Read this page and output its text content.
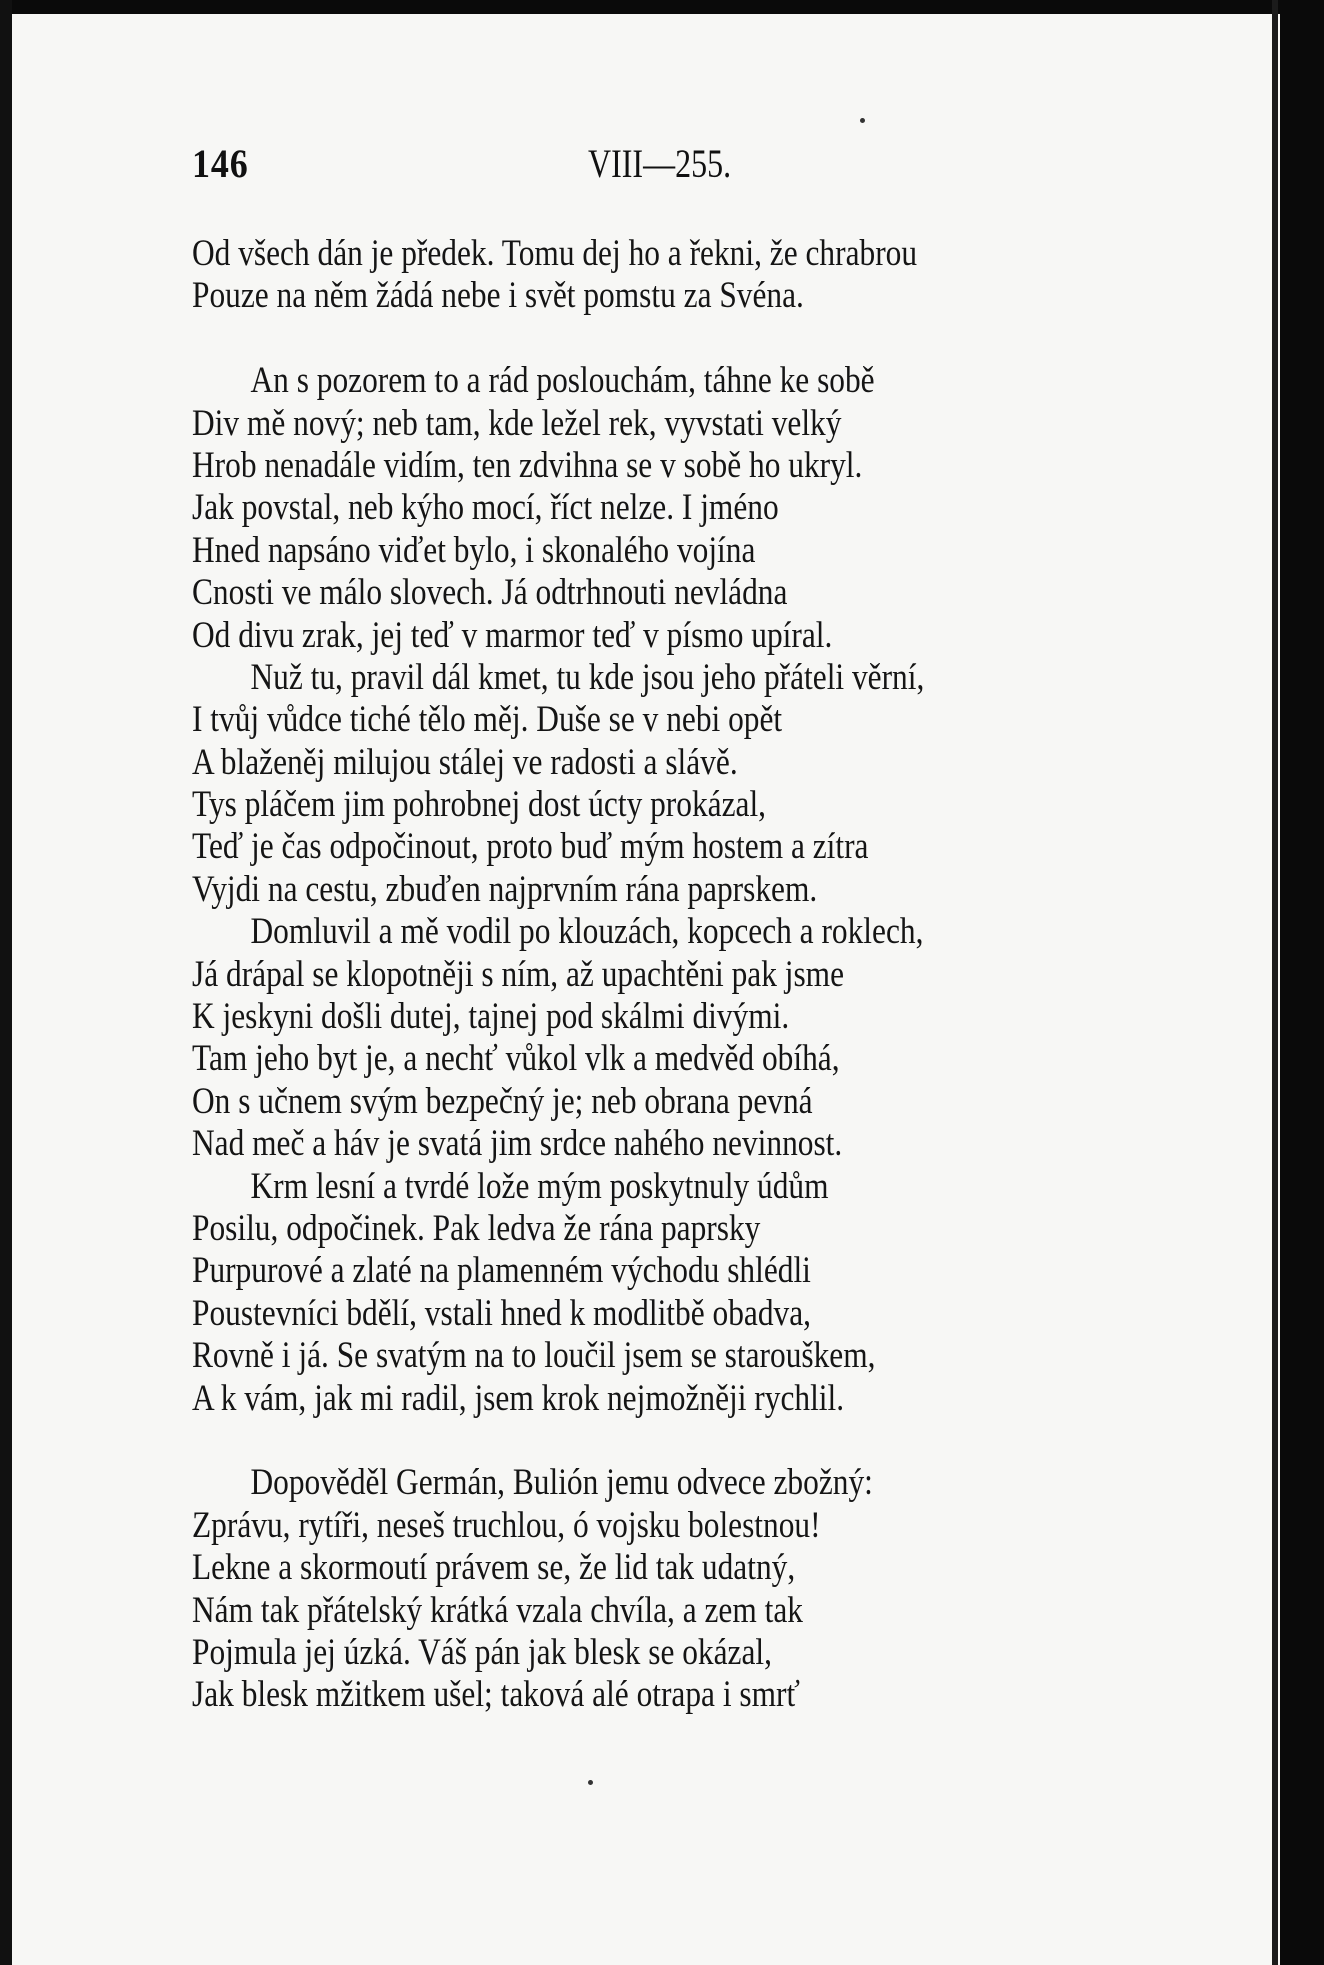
146	VIII—255.
Od všech dán je předek. Tomu dej ho a řekni, že chrabrou
Pouze na něm žádá nebe i svět pomstu za Svéna.
An s pozorem to a rád poslouchám, táhne ke sobě
Div mě nový; neb tam, kde ležel rek, vyvstati velký
Hrob nenadále vidím, ten zdvihna se v sobě ho ukryl.
Jak povstal, neb kýho mocí, říct nelze. I jméno
Hned napsáno viďet bylo, i skonalého vojína
Cnosti ve málo slovech. Já odtrhnouti nevládna
Od divu zrak, jej teď v marmor teď v písmo upíral.
Nuž tu, pravil dál kmet, tu kde jsou jeho přáteli věrní,
I tvůj vůdce tiché tělo měj. Duše se v nebi opět
A blaženěj milujou stálej ve radosti a slávě.
Tys pláčem jim pohrobnej dost úcty prokázal,
Teď je čas odpočinout, proto buď mým hostem a zítra
Vyjdi na cestu, zbuďen najprvním rána paprskem.
Domluvil a mě vodil po klouzách, kopcech a roklech,
Já drápal se klopotněji s ním, až upachtěni pak jsme
K jeskyni došli dutej, tajnej pod skálmi divými.
Tam jeho byt je, a nechť vůkol vlk a medvěd obíhá,
On s učnem svým bezpečný je; neb obrana pevná
Nad meč a háv je svatá jim srdce nahého nevinnost.
Krm lesní a tvrdé lože mým poskytnuly údům
Posilu, odpočinek. Pak ledva že rána paprsky
Purpurové a zlaté na plamenném východu shlédli
Poustevníci bdělí, vstali hned k modlitbě obadva,
Rovně i já. Se svatým na to loučil jsem se starouškem,
A k vám, jak mi radil, jsem krok nejmožněji rychlil.
Dopověděl Germán, Bulión jemu odvece zbožný:
Zprávu, rytíři, neseš truchlou, ó vojsku bolestnou!
Lekne a skormoutí právem se, že lid tak udatný,
Nám tak přátelský krátká vzala chvíla, a zem tak
Pojmula jej úzká. Váš pán jak blesk se okázal,
Jak blesk mžitkem ušel; taková alé otrapa i smrť
